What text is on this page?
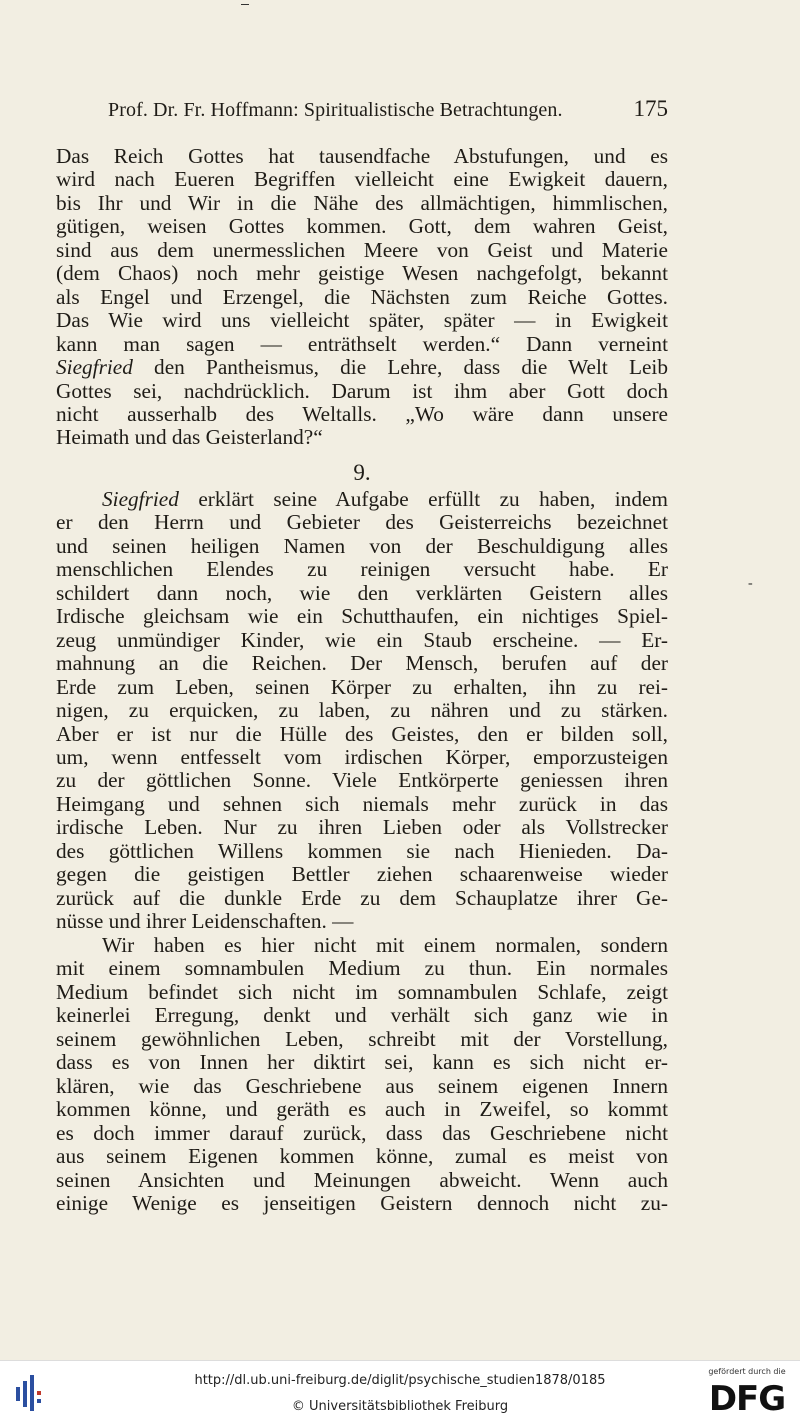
Prof. Dr. Fr. Hoffmann: Spiritualistische Betrachtungen.	175

Das Reich Gottes hat tausendfache Abstufungen, und es

wird nach Eueren Begriffen vielleicht eine Ewigkeit dauern,

bis Ihr und Wir in die Nähe des allmächtigen, himmlischen,

gütigen, weisen Gottes kommen. Gott, dem wahren Geist,

sind aus dem unermesslichen Meere von Geist und Materie

(dem Chaos) noch mehr geistige Wesen nachgefolgt, bekannt

als Engel und Erzengel, die Nächsten zum Reiche Gottes.

Das Wie wird uns vielleicht später, später — in Ewigkeit

kann man sagen — enträthselt werden.“ Dann verneint

Siegfried den Pantheismus, die Lehre, dass die Welt Leib

Gottes sei, nachdrücklich. Darum ist ihm aber Gott doch

nicht ausserhalb des Weltalls. „Wo wäre dann unsere

Heimath und das Geisterland?“

9.

Siegfried erklärt seine Aufgabe erfüllt zu haben, indem

er den Herrn und Gebieter des Geisterreichs bezeichnet

und seinen heiligen Namen von der Beschuldigung alles

menschlichen Elendes zu reinigen versucht habe. Er

schildert dann noch, wie den verklärten Geistern alles

Irdische gleichsam wie ein Schutthaufen, ein nichtiges Spiel-

zeug unmündiger Kinder, wie ein Staub erscheine. — Er-

mahnung an die Reichen. Der Mensch, berufen auf der

Erde zum Leben, seinen Körper zu erhalten, ihn zu rei-

nigen, zu erquicken, zu laben, zu nähren und zu stärken.

Aber er ist nur die Hülle des Geistes, den er bilden soll,

um, wenn entfesselt vom irdischen Körper, emporzusteigen

zu der göttlichen Sonne. Viele Entkörperte geniessen ihren

Heimgang und sehnen sich niemals mehr zurück in das

irdische Leben. Nur zu ihren Lieben oder als Vollstrecker

des göttlichen Willens kommen sie nach Hienieden. Da-

gegen die geistigen Bettler ziehen schaarenweise wieder

zurück auf die dunkle Erde zu dem Schauplatze ihrer Ge-

nüsse und ihrer Leidenschaften. —

Wir haben es hier nicht mit einem normalen, sondern

mit einem somnambulen Medium zu thun. Ein normales

Medium befindet sich nicht im somnambulen Schlafe, zeigt

keinerlei Erregung, denkt und verhält sich ganz wie in

seinem gewöhnlichen Leben, schreibt mit der Vorstellung,

dass es von Innen her diktirt sei, kann es sich nicht er-

klären, wie das Geschriebene aus seinem eigenen Innern

kommen könne, und geräth es auch in Zweifel, so kommt

es doch immer darauf zurück, dass das Geschriebene nicht

aus seinem Eigenen kommen könne, zumal es meist von

seinen Ansichten und Meinungen abweicht. Wenn auch

einige Wenige es jenseitigen Geistern dennoch nicht zu-

-
http://dl.ub.uni-freiburg.de/diglit/psychische_studien1878/0185
© Universitätsbibliothek Freiburg
gefördert durch die
DFG
